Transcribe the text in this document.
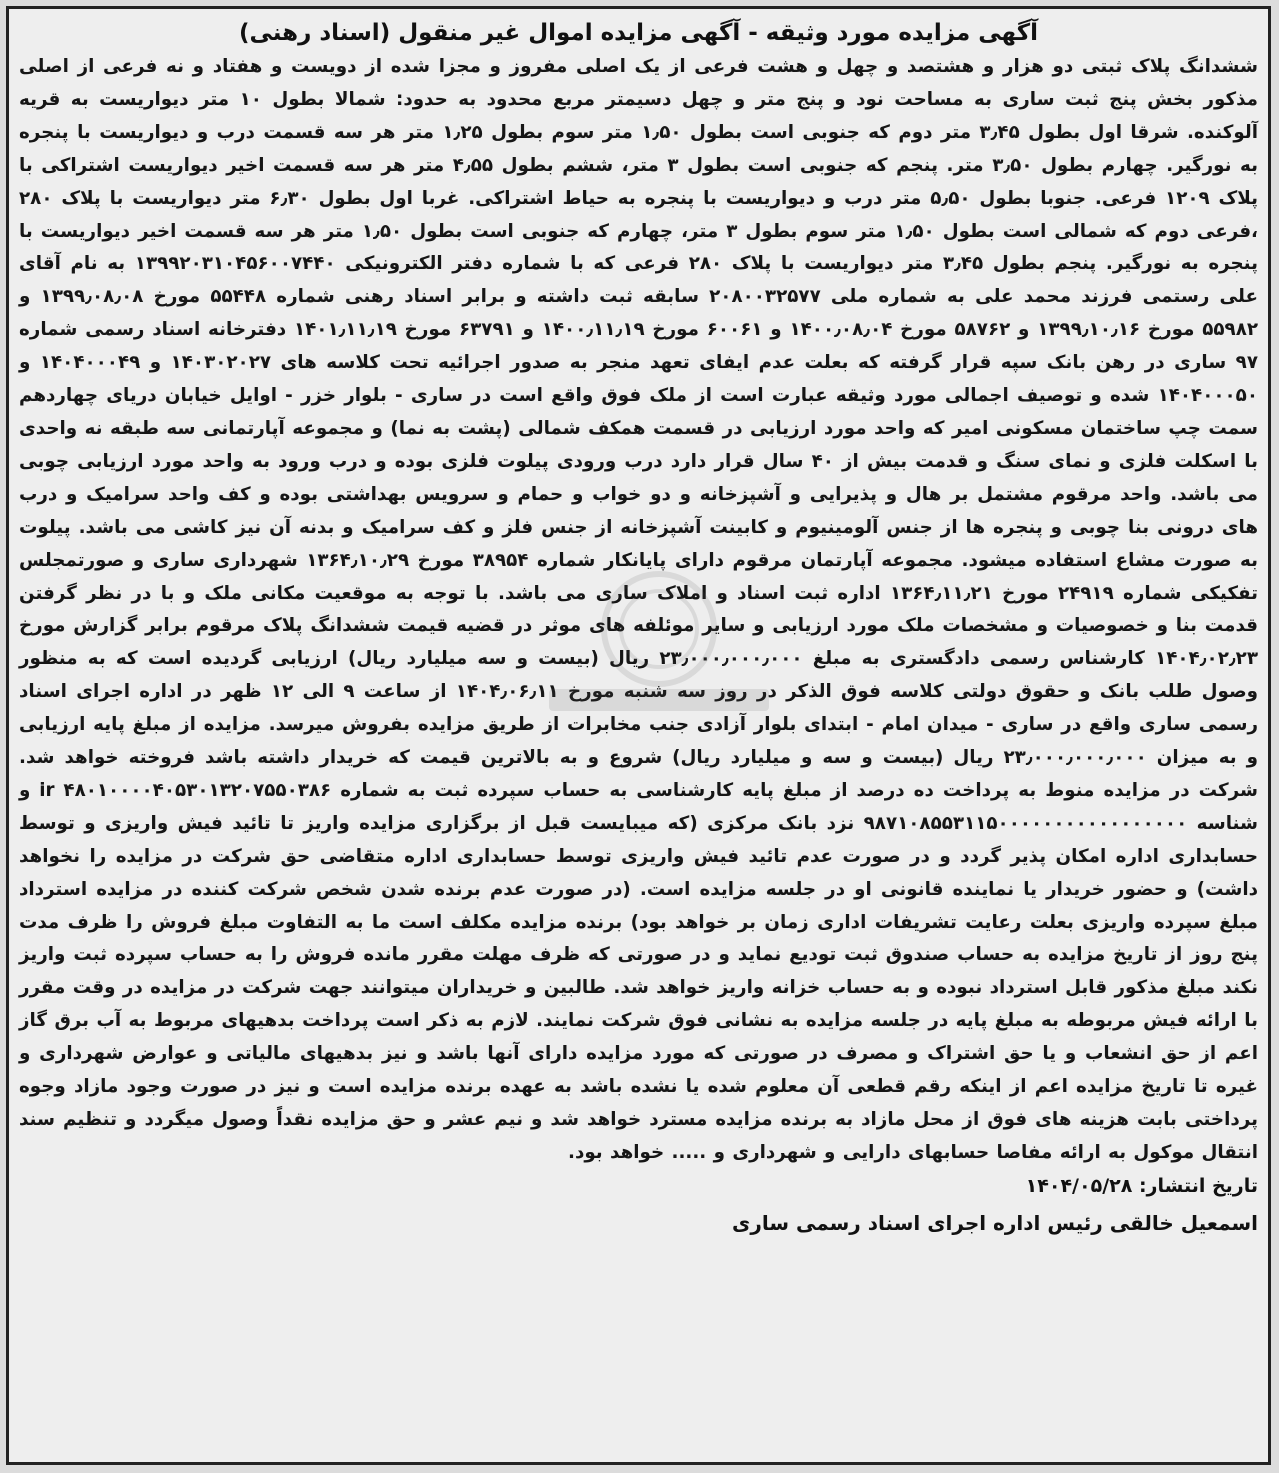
آگهی مزایده مورد وثیقه - آگهی مزایده اموال غیر منقول (اسناد رهنی)

ششدانگ پلاک ثبتی دو هزار و هشتصد و چهل و هشت فرعی از یک اصلی مفروز و مجزا شده از دویست و هفتاد و نه فرعی از اصلی مذکور بخش پنج ثبت ساری به مساحت نود و پنج متر و چهل دسیمتر مربع محدود به حدود: شمالا بطول ۱۰ متر دیواریست به قریه آلوکنده. شرقا اول بطول ۳٫۴۵ متر دوم که جنوبی است بطول ۱٫۵۰ متر سوم بطول ۱٫۲۵ متر هر سه قسمت درب و دیواریست با پنجره به نورگیر. چهارم بطول ۳٫۵۰ متر. پنجم که جنوبی است بطول ۳ متر، ششم بطول ۴٫۵۵ متر هر سه قسمت اخیر دیواریست اشتراکی با پلاک ۱۲۰۹ فرعی. جنوبا بطول ۵٫۵۰ متر درب و دیواریست با پنجره به حیاط اشتراکی. غربا اول بطول ۶٫۳۰ متر دیواریست با پلاک ۲۸۰ ،فرعی دوم که شمالی است بطول ۱٫۵۰ متر سوم بطول ۳ متر، چهارم که جنوبی است بطول ۱٫۵۰ متر هر سه قسمت اخیر دیواریست با پنجره به نورگیر. پنجم بطول ۳٫۴۵ متر دیواریست با پلاک ۲۸۰ فرعی که با شماره دفتر الکترونیکی ۱۳۹۹۲۰۳۱۰۴۵۶۰۰۷۴۴۰ به نام آقای علی رستمی فرزند محمد علی به شماره ملی ۲۰۸۰۰۳۲۵۷۷ سابقه ثبت داشته و برابر اسناد رهنی شماره ۵۵۴۴۸ مورخ ۱۳۹۹٫۰۸٫۰۸ و ۵۵۹۸۲ مورخ ۱۳۹۹٫۱۰٫۱۶ و ۵۸۷۶۲ مورخ ۱۴۰۰٫۰۸٫۰۴ و ۶۰۰۶۱ مورخ ۱۴۰۰٫۱۱٫۱۹ و ۶۳۷۹۱ مورخ ۱۴۰۱٫۱۱٫۱۹ دفترخانه اسناد رسمی شماره ۹۷ ساری در رهن بانک سپه قرار گرفته که بعلت عدم ایفای تعهد منجر به صدور اجرائیه تحت کلاسه های ۱۴۰۳۰۲۰۲۷ و ۱۴۰۴۰۰۰۴۹ و ۱۴۰۴۰۰۰۵۰ شده و توصیف اجمالی مورد وثیقه عبارت است از ملک فوق واقع است در ساری - بلوار خزر - اوایل خیابان دریای چهاردهم سمت چپ ساختمان مسکونی امیر که واحد مورد ارزیابی در قسمت همکف شمالی (پشت به نما) و مجموعه آپارتمانی سه طبقه نه واحدی با اسکلت فلزی و نمای سنگ و قدمت بیش از ۴۰ سال قرار دارد درب ورودی پیلوت فلزی بوده و درب ورود به واحد مورد ارزیابی چوبی می باشد. واحد مرقوم مشتمل بر هال و پذیرایی و آشپزخانه و دو خواب و حمام و سرویس بهداشتی بوده و کف واحد سرامیک و درب های درونی بنا چوبی و پنجره ها از جنس آلومینیوم و کابینت آشپزخانه از جنس فلز و کف سرامیک و بدنه آن نیز کاشی می باشد. پیلوت به صورت مشاع استفاده میشود. مجموعه آپارتمان مرقوم دارای پایانکار شماره ۳۸۹۵۴ مورخ ۱۳۶۴٫۱۰٫۲۹ شهرداری ساری و صورتمجلس تفکیکی شماره ۲۴۹۱۹ مورخ ۱۳۶۴٫۱۱٫۲۱ اداره ثبت اسناد و املاک ساری می باشد. با توجه به موقعیت مکانی ملک و با در نظر گرفتن قدمت بنا و خصوصیات و مشخصات ملک مورد ارزیابی و سایر موئلفه های موثر در قضیه قیمت ششدانگ پلاک مرقوم برابر گزارش مورخ ۱۴۰۴٫۰۲٫۲۳ کارشناس رسمی دادگستری به مبلغ ۲۳٫۰۰۰٫۰۰۰٫۰۰۰ ریال (بیست و سه میلیارد ریال) ارزیابی گردیده است که به منظور وصول طلب بانک و حقوق دولتی کلاسه فوق الذکر در روز سه شنبه مورخ ۱۴۰۴٫۰۶٫۱۱ از ساعت ۹ الی ۱۲ ظهر در اداره اجرای اسناد رسمی ساری واقع در ساری - میدان امام - ابتدای بلوار آزادی جنب مخابرات از طریق مزایده بفروش میرسد. مزایده از مبلغ پایه ارزیابی و به میزان ۲۳٫۰۰۰٫۰۰۰٫۰۰۰ ریال (بیست و سه و میلیارد ریال) شروع و به بالاترین قیمت که خریدار داشته باشد فروخته خواهد شد. شرکت در مزایده منوط به پرداخت ده درصد از مبلغ پایه کارشناسی به حساب سپرده ثبت به شماره ۴۸۰۱۰۰۰۰۴۰۵۳۰۱۳۲۰۷۵۵۰۳۸۶ ir و شناسه ۹۸۷۱۰۸۵۵۳۱۱۵۰۰۰۰۰۰۰۰۰۰۰۰۰۰۰۰۰ نزد بانک مرکزی (که میبایست قبل از برگزاری مزایده واریز تا تائید فیش واریزی و توسط حسابداری اداره امکان پذیر گردد و در صورت عدم تائید فیش واریزی توسط حسابداری اداره متقاضی حق شرکت در مزایده را نخواهد داشت) و حضور خریدار یا نماینده قانونی او در جلسه مزایده است. (در صورت عدم برنده شدن شخص شرکت کننده در مزایده استرداد مبلغ سپرده واریزی بعلت رعایت تشریفات اداری زمان بر خواهد بود) برنده مزایده مکلف است ما به التفاوت مبلغ فروش را ظرف مدت پنج روز از تاریخ مزایده به حساب صندوق ثبت تودیع نماید و در صورتی که ظرف مهلت مقرر مانده فروش را به حساب سپرده ثبت واریز نکند مبلغ مذکور قابل استرداد نبوده و به حساب خزانه واریز خواهد شد. طالبین و خریداران میتوانند جهت شرکت در مزایده در وقت مقرر با ارائه فیش مربوطه به مبلغ پایه در جلسه مزایده به نشانی فوق شرکت نمایند. لازم به ذکر است پرداخت بدهیهای مربوط به آب برق گاز اعم از حق انشعاب و یا حق اشتراک و مصرف در صورتی که مورد مزایده دارای آنها باشد و نیز بدهیهای مالیاتی و عوارض شهرداری و غیره تا تاریخ مزایده اعم از اینکه رقم قطعی آن معلوم شده یا نشده باشد به عهده برنده مزایده است و نیز در صورت وجود مازاد وجوه پرداختی بابت هزینه های فوق از محل مازاد به برنده مزایده مسترد خواهد شد و نیم عشر و حق مزایده نقداً وصول میگردد و تنظیم سند انتقال موکول به ارائه مفاصا حسابهای دارایی و شهرداری و ..... خواهد بود.

تاریخ انتشار: ۱۴۰۴/۰۵/۲۸

اسمعیل خالقی رئیس اداره اجرای اسناد رسمی ساری
